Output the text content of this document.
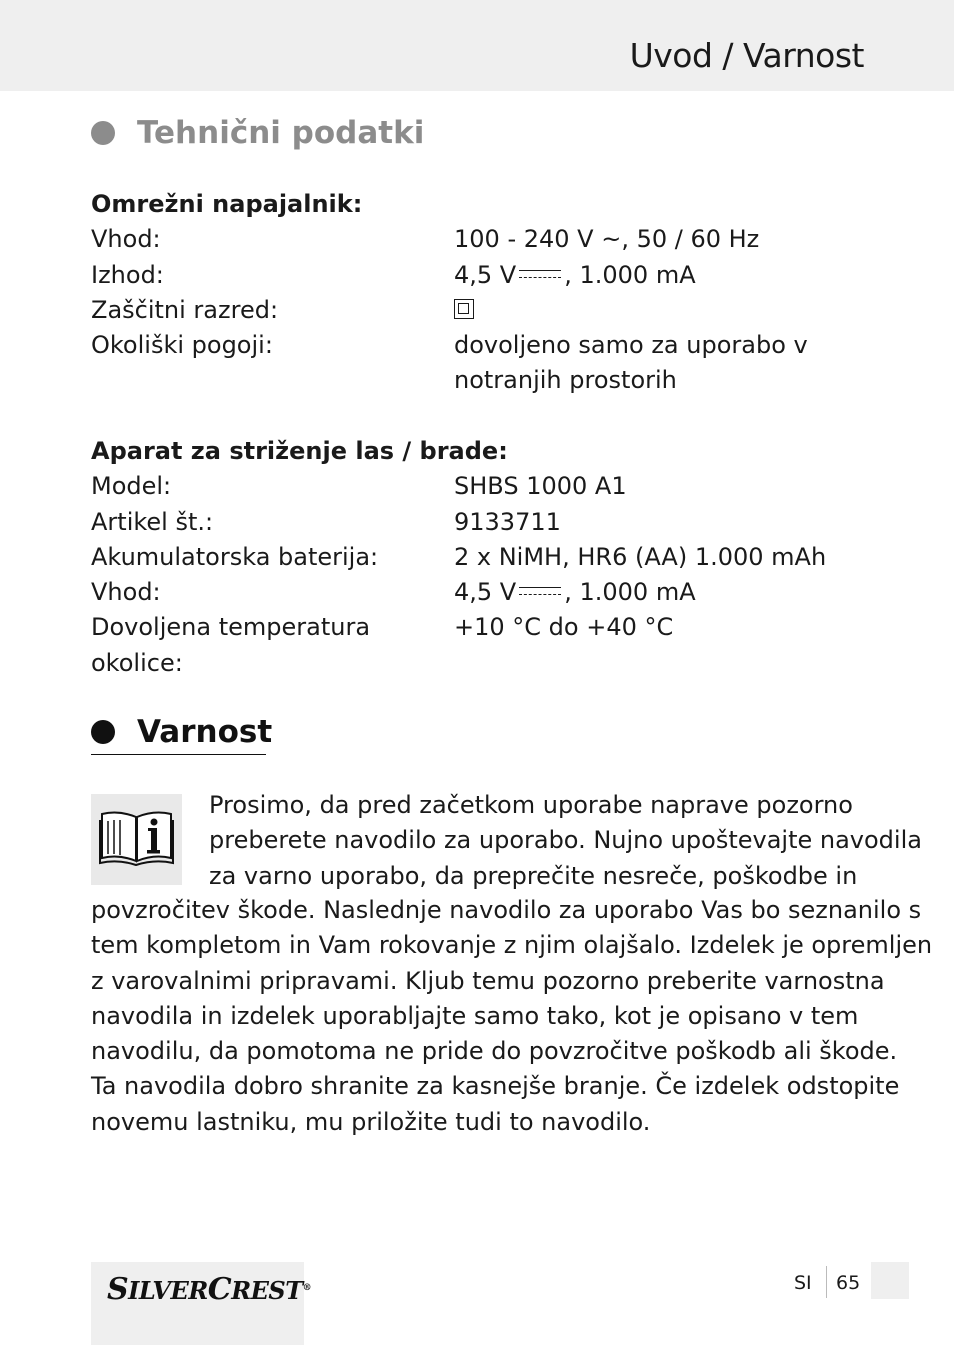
Uvod / Varnost
Tehnični podatki
Omrežni napajalnik:
Vhod:	100 - 240 V ~, 50 / 60 Hz
Izhod:	4,5 V , 1.000 mA
Zaščitni razred:
Okoliški pogoji:	dovoljeno samo za uporabo v
notranjih prostorih
Aparat za striženje las / brade:
Model:	SHBS 1000 A1
Artikel št.:	9133711
Akumulatorska baterija:	2 x NiMH, HR6 (AA) 1.000 mAh
Vhod:	4,5 V , 1.000 mA
Dovoljena temperatura okolice:
+10 °C do +40 °C
Varnost
Prosimo, da pred začetkom uporabe naprave pozorno
preberete navodilo za uporabo. Nujno upoštevajte navodila
za varno uporabo, da preprečite nesreče, poškodbe in
povzročitev škode. Naslednje navodilo za uporabo Vas bo seznanilo s
tem kompletom in Vam rokovanje z njim olajšalo. Izdelek je opremljen
z varovalnimi pripravami. Kljub temu pozorno preberite varnostna
navodila in izdelek uporabljajte samo tako, kot je opisano v tem
navodilu, da pomotoma ne pride do povzročitve poškodb ali škode.
Ta navodila dobro shranite za kasnejše branje. Če izdelek odstopite
novemu lastniku, mu priložite tudi to navodilo.
SILVERCREST®	SI 65
